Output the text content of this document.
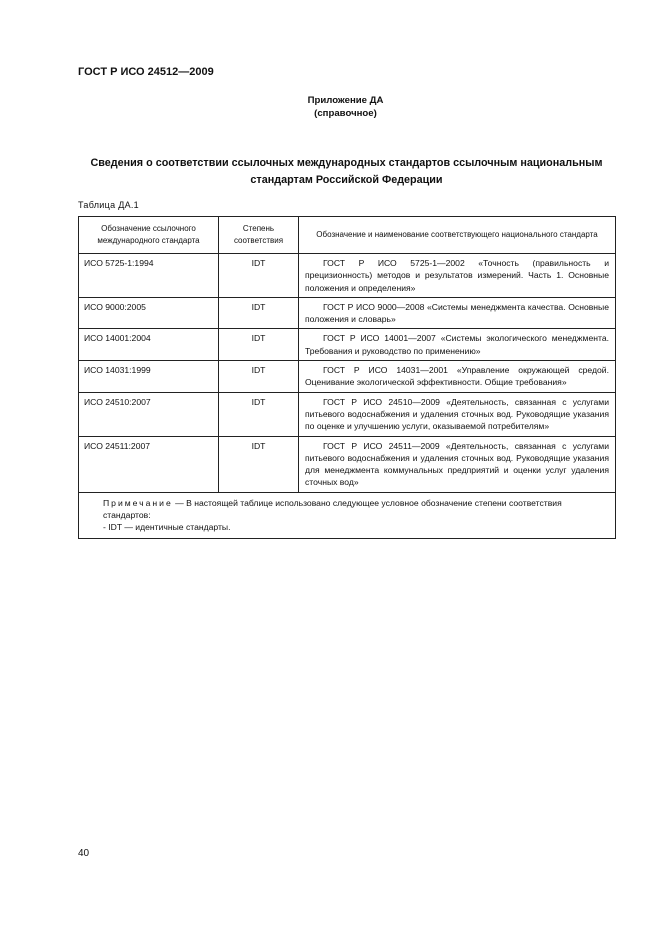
ГОСТ Р ИСО 24512—2009
Приложение ДА
(справочное)
Сведения о соответствии ссылочных международных стандартов ссылочным национальным стандартам Российской Федерации
Таблица ДА.1
Обозначение ссылочного международного стандарта	Степень соответствия	Обозначение и наименование соответствующего национального стандарта
ИСО 5725-1:1994	IDT	ГОСТ Р ИСО 5725-1—2002 «Точность (правильность и прецизионность) методов и результатов измерений. Часть 1. Основные положения и определения»
ИСО 9000:2005	IDT	ГОСТ Р ИСО 9000—2008 «Системы менеджмента качества. Основные положения и словарь»
ИСО 14001:2004	IDT	ГОСТ Р ИСО 14001—2007 «Системы экологического менеджмента. Требования и руководство по применению»
ИСО 14031:1999	IDT	ГОСТ Р ИСО 14031—2001 «Управление окружающей средой. Оценивание экологической эффективности. Общие требования»
ИСО 24510:2007	IDT	ГОСТ Р ИСО 24510—2009 «Деятельность, связанная с услугами питьевого водоснабжения и удаления сточных вод. Руководящие указания по оценке и улучшению услуги, оказываемой потребителям»
ИСО 24511:2007	IDT	ГОСТ Р ИСО 24511—2009 «Деятельность, связанная с услугами питьевого водоснабжения и удаления сточных вод. Руководящие указания для менеджмента коммунальных предприятий и оценки услуг удаления сточных вод»

Примечание — В настоящей таблице использовано следующее условное обозначение степени соответствия стандартов:
- IDT — идентичные стандарты.		
40
